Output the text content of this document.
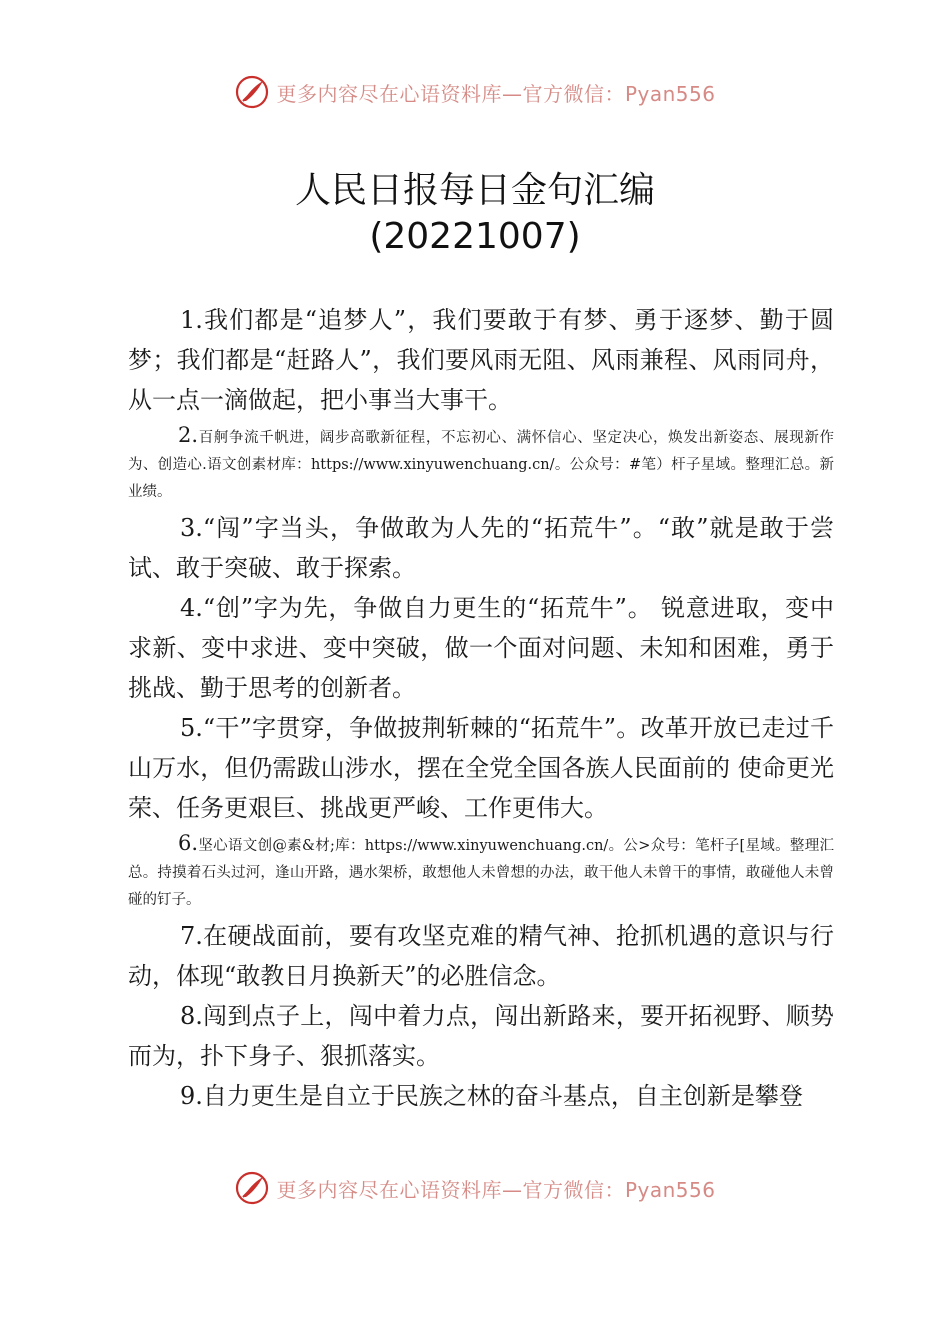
更多内容尽在心语资料库—官方微信：Pyan556
人民日报每日金句汇编
(20221007)

1.我们都是“追梦人”，我们要敢于有梦、勇于逐梦、勤于圆梦；我们都是“赶路人”，我们要风雨无阻、风雨兼程、风雨同舟，从一点一滴做起，把小事当大事干。

2.百舸争流千帆进，阔步高歌新征程，不忘初心、满怀信心、坚定决心，焕发出新姿态、展现新作为、创造心.语文创素材库：https://www.xinyuwenchuang.cn/。公众号：#笔）杆子星域。整理汇总。新业绩。

3.“闯”字当头，争做敢为人先的“拓荒牛”。“敢”就是敢于尝试、敢于突破、敢于探索。

4.“创”字为先，争做自力更生的“拓荒牛”。 锐意进取，变中求新、变中求进、变中突破，做一个面对问题、未知和困难，勇于挑战、勤于思考的创新者。

5.“干”字贯穿，争做披荆斩棘的“拓荒牛”。改革开放已走过千山万水，但仍需跋山涉水，摆在全党全国各族人民面前的 使命更光荣、任务更艰巨、挑战更严峻、工作更伟大。

6.坚心语文创@素&材;库：https://www.xinyuwenchuang.cn/。公>众号：笔杆子[星域。整理汇总。持摸着石头过河，逢山开路，遇水架桥，敢想他人未曾想的办法，敢干他人未曾干的事情，敢碰他人未曾碰的钉子。

7.在硬战面前，要有攻坚克难的精气神、抢抓机遇的意识与行动，体现“敢教日月换新天”的必胜信念。

8.闯到点子上，闯中着力点，闯出新路来，要开拓视野、顺势而为，扑下身子、狠抓落实。

9.自力更生是自立于民族之林的奋斗基点，自主创新是攀登

更多内容尽在心语资料库—官方微信：Pyan556
